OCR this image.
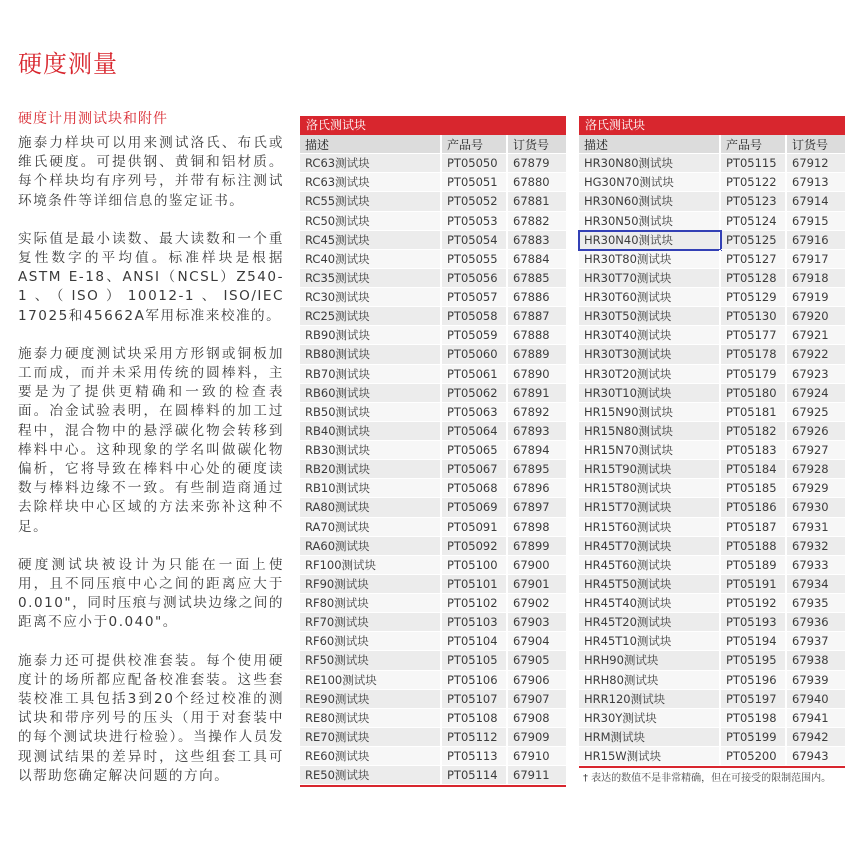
硬度测量
硬度计用测试块和附件

施泰力样块可以用来测试洛氏、布氏或维氏硬度。可提供钢、黄铜和铝材质。每个样块均有序列号，并带有标注测试环境条件等详细信息的鉴定证书。

实际值是最小读数、最大读数和一个重复性数字的平均值。标准样块是根据ASTM E-18、ANSI（NCSL）Z540-1、（ISO）10012-1、ISO/IEC 17025和45662A军用标准来校准的。

施泰力硬度测试块采用方形钢或铜板加工而成，而并未采用传统的圆棒料，主要是为了提供更精确和一致的检查表面。冶金试验表明，在圆棒料的加工过程中，混合物中的悬浮碳化物会转移到棒料中心。这种现象的学名叫做碳化物偏析，它将导致在棒料中心处的硬度读数与棒料边缘不一致。有些制造商通过去除样块中心区域的方法来弥补这种不足。

硬度测试块被设计为只能在一面上使用，且不同压痕中心之间的距离应大于0.010"，同时压痕与测试块边缘之间的距离不应小于0.040"。

施泰力还可提供校准套装。每个使用硬度计的场所都应配备校准套装。这些套装校准工具包括3到20个经过校准的测试块和带序列号的压头（用于对套装中的每个测试块进行检验）。当操作人员发现测试结果的差异时，这些组套工具可以帮助您确定解决问题的方向。

洛氏测试块
描述	产品号	订货号
RC63测试块	PT05050	67879
RC63测试块	PT05051	67880
RC55测试块	PT05052	67881
RC50测试块	PT05053	67882
RC45测试块	PT05054	67883
RC40测试块	PT05055	67884
RC35测试块	PT05056	67885
RC30测试块	PT05057	67886
RC25测试块	PT05058	67887
RB90测试块	PT05059	67888
RB80测试块	PT05060	67889
RB70测试块	PT05061	67890
RB60测试块	PT05062	67891
RB50测试块	PT05063	67892
RB40测试块	PT05064	67893
RB30测试块	PT05065	67894
RB20测试块	PT05067	67895
RB10测试块	PT05068	67896
RA80测试块	PT05069	67897
RA70测试块	PT05091	67898
RA60测试块	PT05092	67899
RF100测试块	PT05100	67900
RF90测试块	PT05101	67901
RF80测试块	PT05102	67902
RF70测试块	PT05103	67903
RF60测试块	PT05104	67904
RF50测试块	PT05105	67905
RE100测试块	PT05106	67906
RE90测试块	PT05107	67907
RE80测试块	PT05108	67908
RE70测试块	PT05112	67909
RE60测试块	PT05113	67910
RE50测试块	PT05114	67911
洛氏测试块
描述	产品号	订货号
HR30N80测试块	PT05115	67912
HG30N70测试块	PT05122	67913
HR30N60测试块	PT05123	67914
HR30N50测试块	PT05124	67915
HR30N40测试块	PT05125	67916
HR30T80测试块	PT05127	67917
HR30T70测试块	PT05128	67918
HR30T60测试块	PT05129	67919
HR30T50测试块	PT05130	67920
HR30T40测试块	PT05177	67921
HR30T30测试块	PT05178	67922
HR30T20测试块	PT05179	67923
HR30T10测试块	PT05180	67924
HR15N90测试块	PT05181	67925
HR15N80测试块	PT05182	67926
HR15N70测试块	PT05183	67927
HR15T90测试块	PT05184	67928
HR15T80测试块	PT05185	67929
HR15T70测试块	PT05186	67930
HR15T60测试块	PT05187	67931
HR45T70测试块	PT05188	67932
HR45T60测试块	PT05189	67933
HR45T50测试块	PT05191	67934
HR45T40测试块	PT05192	67935
HR45T20测试块	PT05193	67936
HR45T10测试块	PT05194	67937
HRH90测试块	PT05195	67938
HRH80测试块	PT05196	67939
HRR120测试块	PT05197	67940
HR30Y测试块	PT05198	67941
HRM测试块	PT05199	67942
HR15W测试块	PT05200	67943
† 表达的数值不是非常精确，但在可接受的限制范围内。
